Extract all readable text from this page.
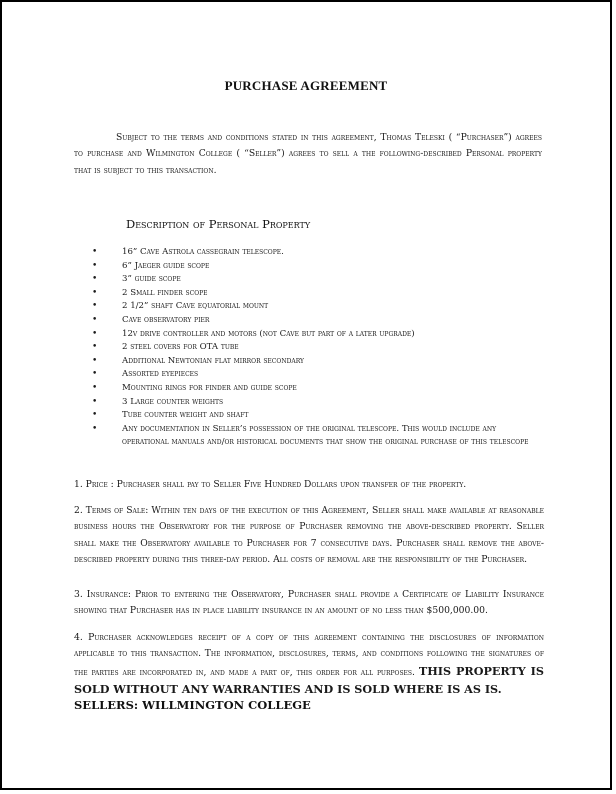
PURCHASE AGREEMENT
Subject to the terms and conditions stated in this agreement, Thomas Teleski ( “Purchaser”) agrees to purchase and Wilmington College ( “Seller”) agrees to sell a the following-described Personal property that is subject to this transaction.
Description of Personal Property
•	16” Cave Astrola cassegrain telescope.
•	6” Jaeger guide scope
•	3” guide scope
•	2 Small finder scope
•	2 1/2” shaft Cave equatorial mount
•	Cave observatory pier
•	12v drive controller and motors (not Cave but part of a later upgrade)
•	2 steel covers for OTA tube
•	Additional Newtonian flat mirror secondary
•	Assorted eyepieces
•	Mounting rings for finder and guide scope
•	3 Large counter weights
•	Tube counter weight and shaft
•	Any documentation in Seller’s possession of the original telescope. This would include any operational manuals and/or historical documents that show the original purchase of this telescope
1. Price : Purchaser shall pay to Seller Five Hundred Dollars upon transfer of the property.
2. Terms of Sale: Within ten days of the execution of this Agreement, Seller shall make available at reasonable business hours the Observatory for the purpose of Purchaser removing the above-described property. Seller shall make the Observatory available to Purchaser for 7 consecutive days. Purchaser shall remove the above-described property during this three-day period. All costs of removal are the responsibility of the Purchaser.
3. Insurance: Prior to entering the Observatory, Purchaser shall provide a Certificate of Liability Insurance showing that Purchaser has in place liability insurance in an amount of no less than $500,000.00.
4. Purchaser acknowledges receipt of a copy of this agreement containing the disclosures of information applicable to this transaction. The information, disclosures, terms, and conditions following the signatures of the parties are incorporated in, and made a part of, this order for all purposes. THIS PROPERTY IS SOLD WITHOUT ANY WARRANTIES AND IS SOLD WHERE IS AS IS.
SELLERS: WILLMINGTON COLLEGE
